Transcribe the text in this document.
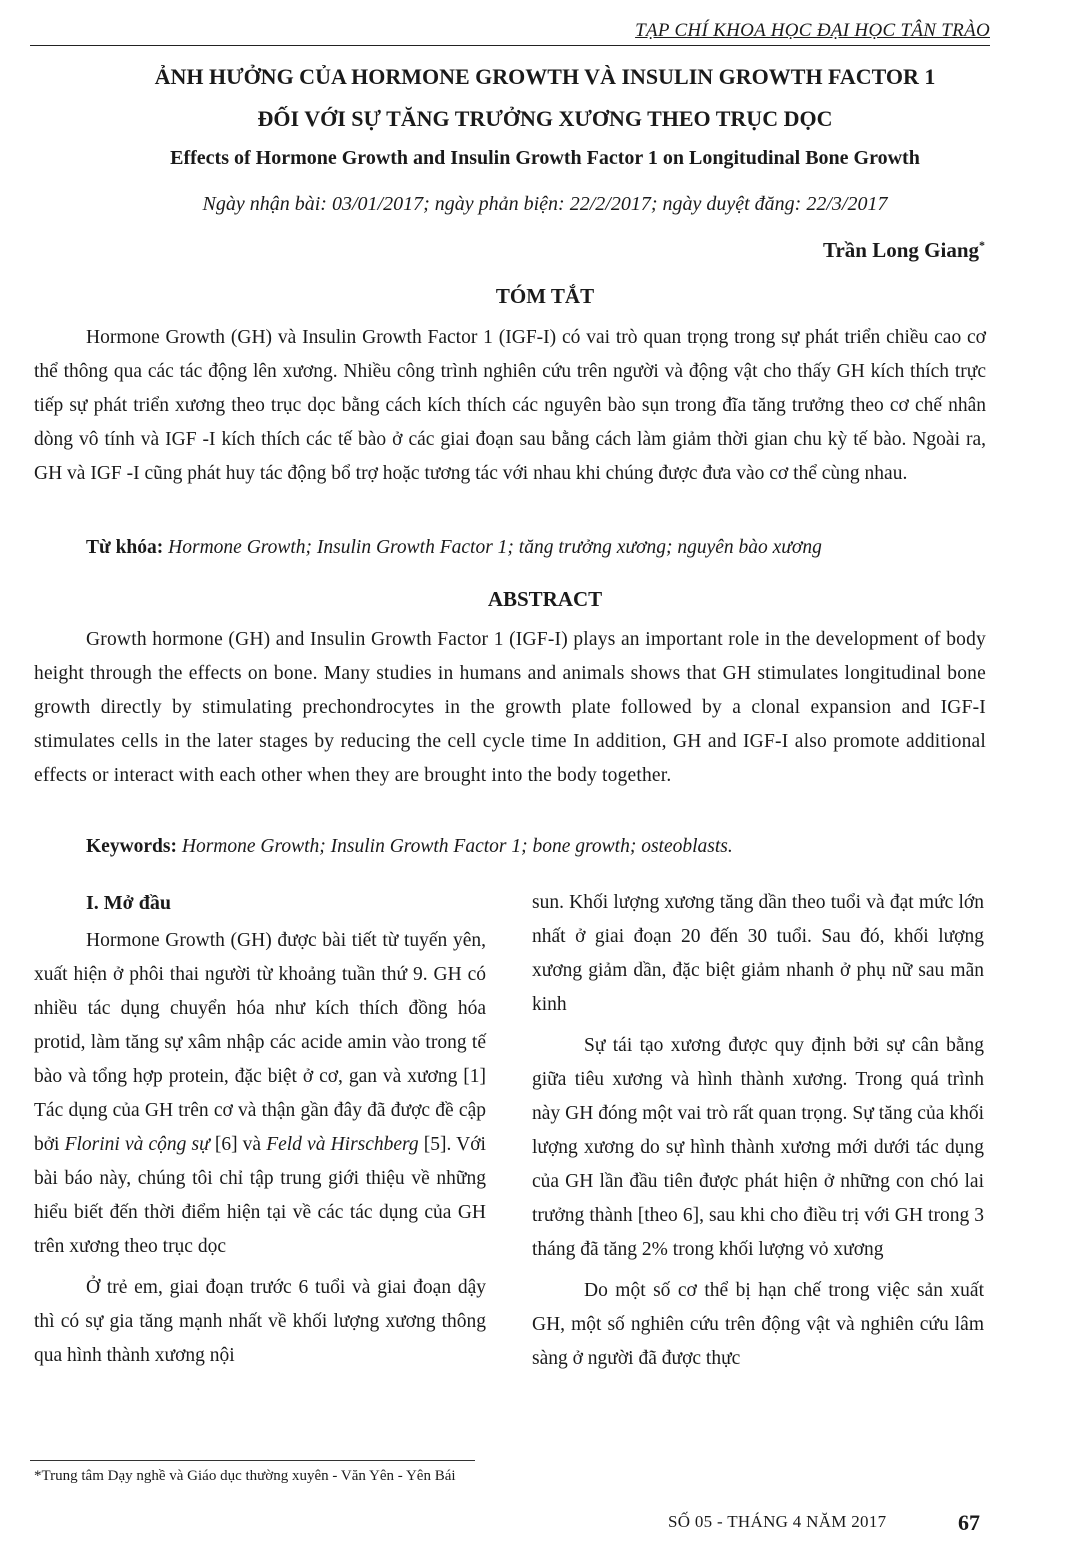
TẠP CHÍ KHOA HỌC ĐẠI HỌC TÂN TRÀO
ẢNH HƯỞNG CỦA HORMONE GROWTH VÀ INSULIN GROWTH FACTOR 1
ĐỐI VỚI SỰ TĂNG TRƯỞNG XƯƠNG THEO TRỤC DỌC
Effects of Hormone Growth and Insulin Growth Factor 1 on Longitudinal Bone Growth
Ngày nhận bài: 03/01/2017; ngày phản biện: 22/2/2017; ngày duyệt đăng: 22/3/2017
Trần Long Giang*
TÓM TẮT

Hormone Growth (GH) và Insulin Growth Factor 1 (IGF-I) có vai trò quan trọng trong sự phát triển chiều cao cơ thể thông qua các tác động lên xương. Nhiều công trình nghiên cứu trên người và động vật cho thấy GH kích thích trực tiếp sự phát triển xương theo trục dọc bằng cách kích thích các nguyên bào sụn trong đĩa tăng trưởng theo cơ chế nhân dòng vô tính và IGF -I kích thích các tế bào ở các giai đoạn sau bằng cách làm giảm thời gian chu kỳ tế bào. Ngoài ra, GH và IGF -I cũng phát huy tác động bổ trợ hoặc tương tác với nhau khi chúng được đưa vào cơ thể cùng nhau.

Từ khóa: Hormone Growth; Insulin Growth Factor 1; tăng trưởng xương; nguyên bào xương
ABSTRACT

Growth hormone (GH) and Insulin Growth Factor 1 (IGF-I) plays an important role in the development of body height through the effects on bone. Many studies in humans and animals shows that GH stimulates longitudinal bone growth directly by stimulating prechondrocytes in the growth plate followed by a clonal expansion and IGF-I stimulates cells in the later stages by reducing the cell cycle time In addition, GH and IGF-I also promote additional effects or interact with each other when they are brought into the body together.

Keywords: Hormone Growth; Insulin Growth Factor 1; bone growth; osteoblasts.
I. Mở đầu

Hormone Growth (GH) được bài tiết từ tuyến yên, xuất hiện ở phôi thai người từ khoảng tuần thứ 9. GH có nhiều tác dụng chuyển hóa như kích thích đồng hóa protid, làm tăng sự xâm nhập các acide amin vào trong tế bào và tổng hợp protein, đặc biệt ở cơ, gan và xương [1] Tác dụng của GH trên cơ và thận gần đây đã được đề cập bởi Florini và cộng sự [6] và Feld và Hirschberg [5]. Với bài báo này, chúng tôi chỉ tập trung giới thiệu về những hiểu biết đến thời điểm hiện tại về các tác dụng của GH trên xương theo trục dọc

Ở trẻ em, giai đoạn trước 6 tuổi và giai đoạn dậy thì có sự gia tăng mạnh nhất về khối lượng xương thông qua hình thành xương nội

sun. Khối lượng xương tăng dần theo tuổi và đạt mức lớn nhất ở giai đoạn 20 đến 30 tuổi. Sau đó, khối lượng xương giảm dần, đặc biệt giảm nhanh ở phụ nữ sau mãn kinh

Sự tái tạo xương được quy định bởi sự cân bằng giữa tiêu xương và hình thành xương. Trong quá trình này GH đóng một vai trò rất quan trọng. Sự tăng của khối lượng xương do sự hình thành xương mới dưới tác dụng của GH lần đầu tiên được phát hiện ở những con chó lai trưởng thành [theo 6], sau khi cho điều trị với GH trong 3 tháng đã tăng 2% trong khối lượng vỏ xương

Do một số cơ thể bị hạn chế trong việc sản xuất GH, một số nghiên cứu trên động vật và nghiên cứu lâm sàng ở người đã được thực

*Trung tâm Dạy nghề và Giáo dục thường xuyên - Văn Yên - Yên Bái
SỐ 05 - THÁNG 4 NĂM 2017	67
